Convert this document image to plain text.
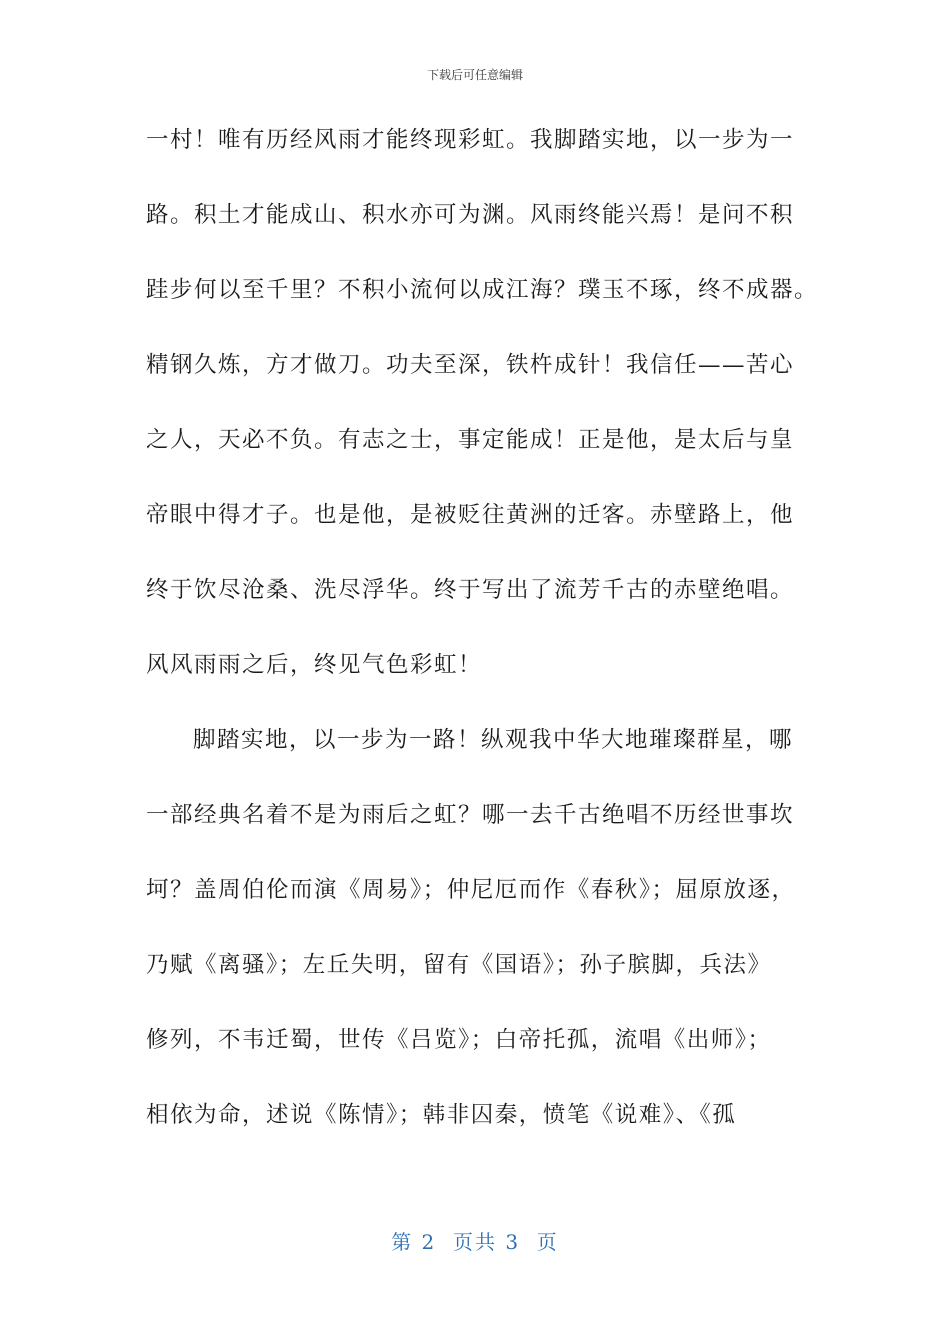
下载后可任意编辑
一村！唯有历经风雨才能终现彩虹。我脚踏实地，以一步为一
路。积土才能成山、积水亦可为渊。风雨终能兴焉！是问不积
跬步何以至千里？不积小流何以成江海？璞玉不琢，终不成器。
精钢久炼，方才做刀。功夫至深，铁杵成针！我信任——苦心
之人，天必不负。有志之士，事定能成！正是他，是太后与皇
帝眼中得才子。也是他，是被贬往黄洲的迁客。赤壁路上，他
终于饮尽沧桑、洗尽浮华。终于写出了流芳千古的赤壁绝唱。
风风雨雨之后，终见气色彩虹！
脚踏实地，以一步为一路！纵观我中华大地璀璨群星，哪
一部经典名着不是为雨后之虹？哪一去千古绝唱不历经世事坎
坷？盖周伯伦而演《周易》；仲尼厄而作《春秋》；屈原放逐，
乃赋《离骚》；左丘失明，留有《国语》；孙子膑脚，兵法》
修列，不韦迁蜀，世传《吕览》；白帝托孤，流唱《出师》；
相依为命，述说《陈情》；韩非囚秦，愤笔《说难》、《孤
第 2  页共 3  页
